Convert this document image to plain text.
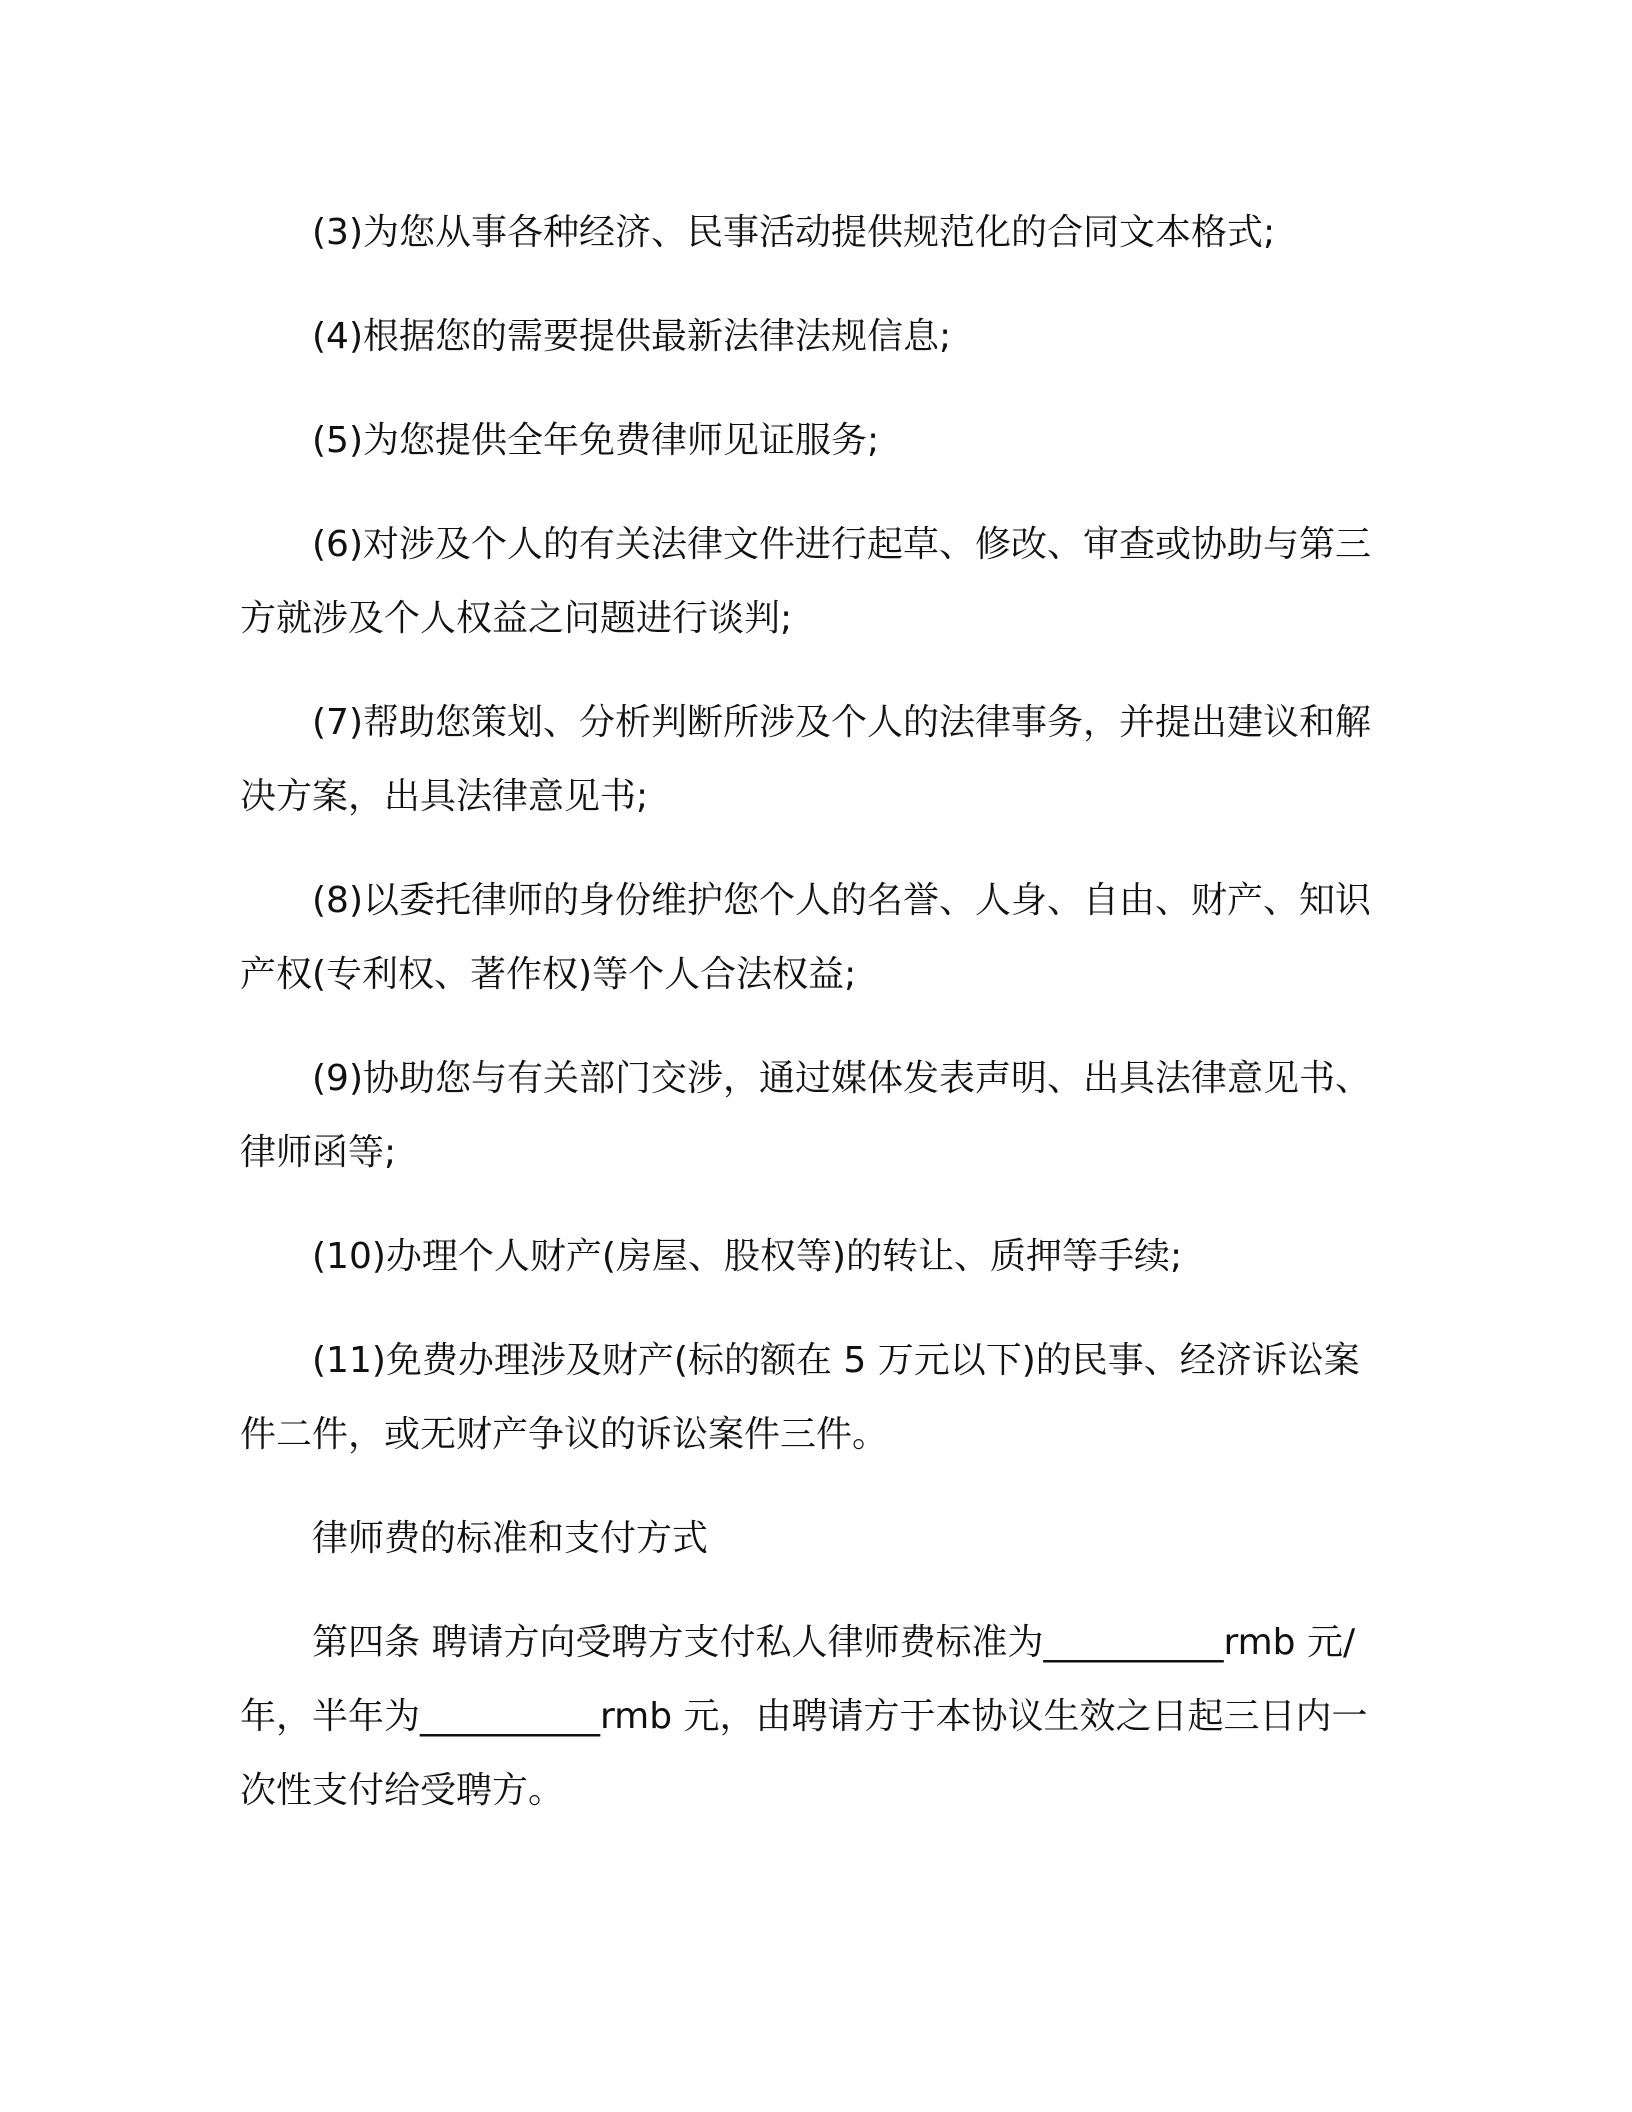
(3)为您从事各种经济、民事活动提供规范化的合同文本格式;

(4)根据您的需要提供最新法律法规信息;

(5)为您提供全年免费律师见证服务;

(6)对涉及个人的有关法律文件进行起草、修改、审查或协助与第三方就涉及个人权益之问题进行谈判;

(7)帮助您策划、分析判断所涉及个人的法律事务，并提出建议和解决方案，出具法律意见书;

(8)以委托律师的身份维护您个人的名誉、人身、自由、财产、知识产权(专利权、著作权)等个人合法权益;

(9)协助您与有关部门交涉，通过媒体发表声明、出具法律意见书、律师函等;

(10)办理个人财产(房屋、股权等)的转让、质押等手续;

(11)免费办理涉及财产(标的额在 5 万元以下)的民事、经济诉讼案件二件，或无财产争议的诉讼案件三件。

律师费的标准和支付方式

第四条 聘请方向受聘方支付私人律师费标准为__________rmb 元/年，半年为__________rmb 元，由聘请方于本协议生效之日起三日内一次性支付给受聘方。
